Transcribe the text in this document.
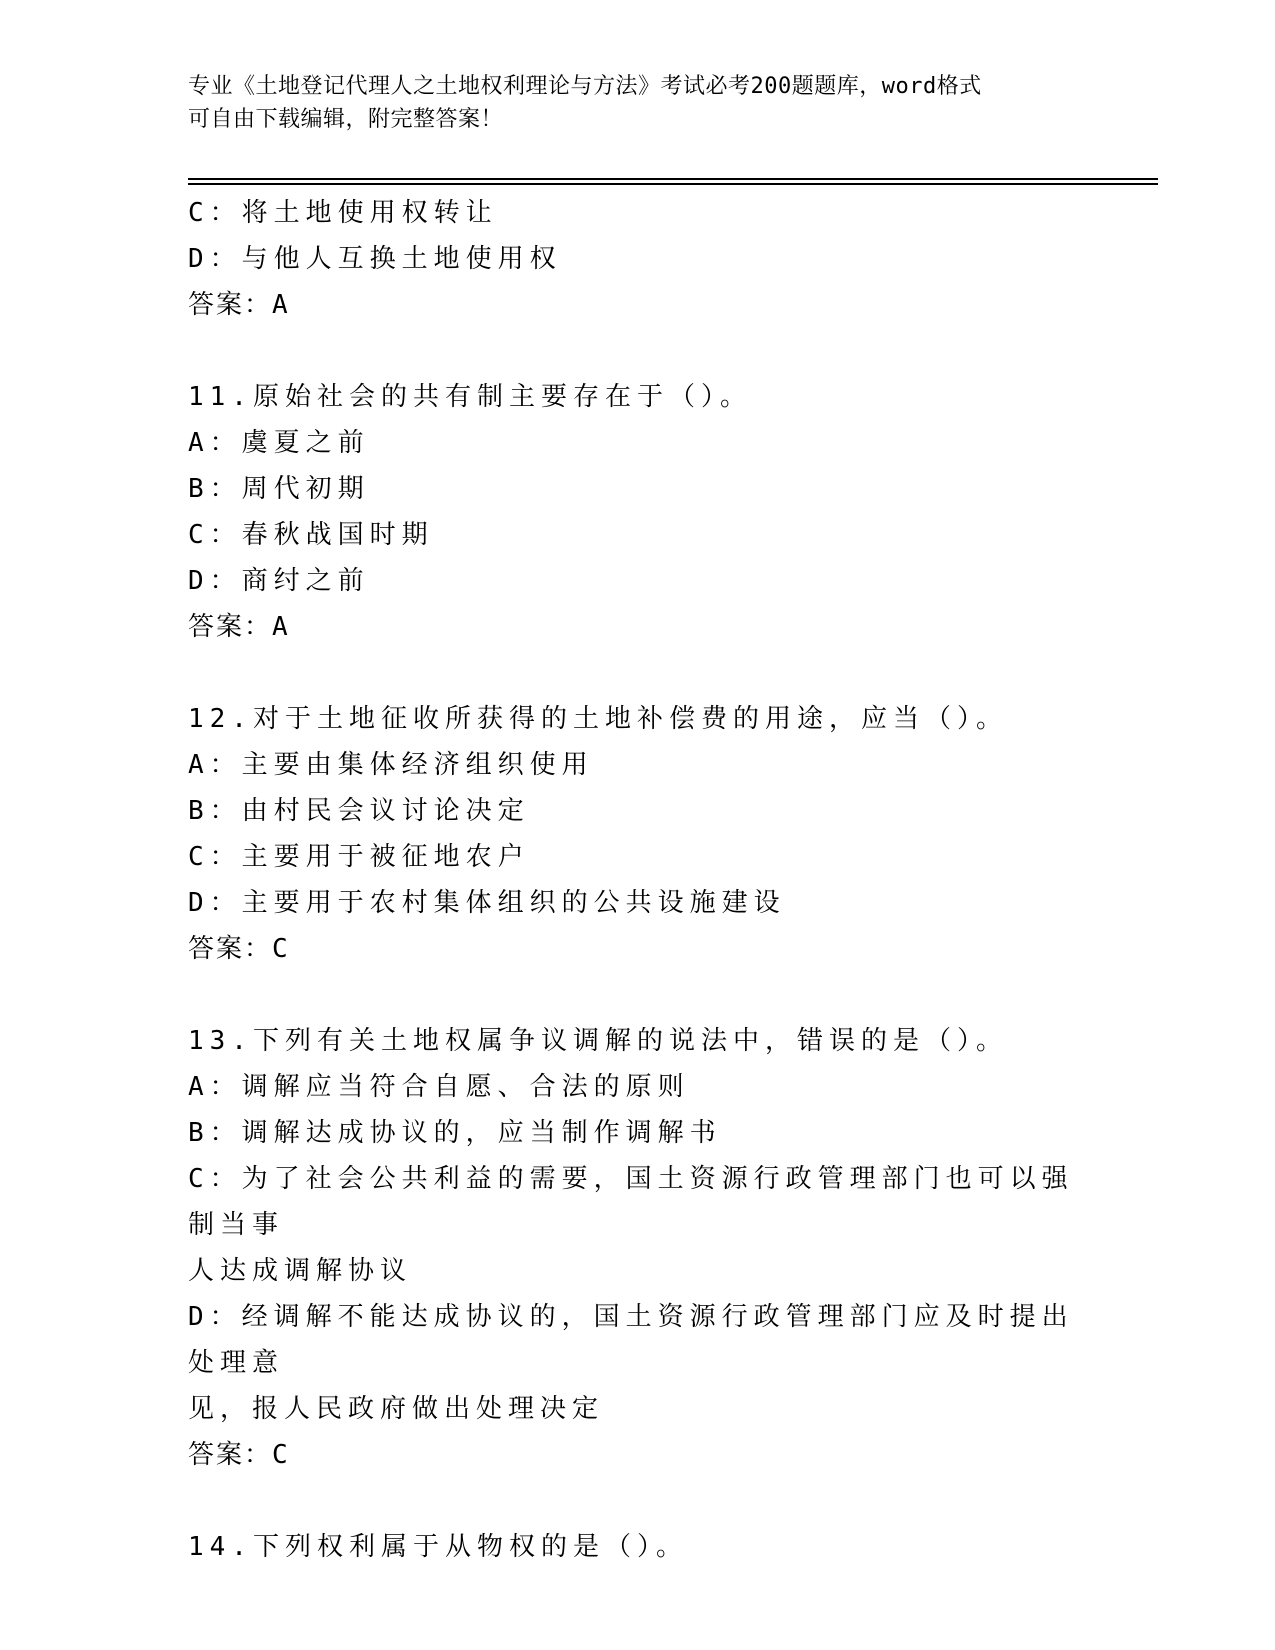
专业《土地登记代理人之土地权利理论与方法》考试必考200题题库，word格式
可自由下载编辑，附完整答案！
C：将土地使用权转让
D：与他人互换土地使用权
答案：A
11.原始社会的共有制主要存在于（）。
A：虞夏之前
B：周代初期
C：春秋战国时期
D：商纣之前
答案：A
12.对于土地征收所获得的土地补偿费的用途，应当（）。
A：主要由集体经济组织使用
B：由村民会议讨论决定
C：主要用于被征地农户
D：主要用于农村集体组织的公共设施建设
答案：C
13.下列有关土地权属争议调解的说法中，错误的是（）。
A：调解应当符合自愿、合法的原则
B：调解达成协议的，应当制作调解书
C：为了社会公共利益的需要，国土资源行政管理部门也可以强制当事
人达成调解协议
D：经调解不能达成协议的，国土资源行政管理部门应及时提出处理意
见，报人民政府做出处理决定
答案：C
14.下列权利属于从物权的是（）。
